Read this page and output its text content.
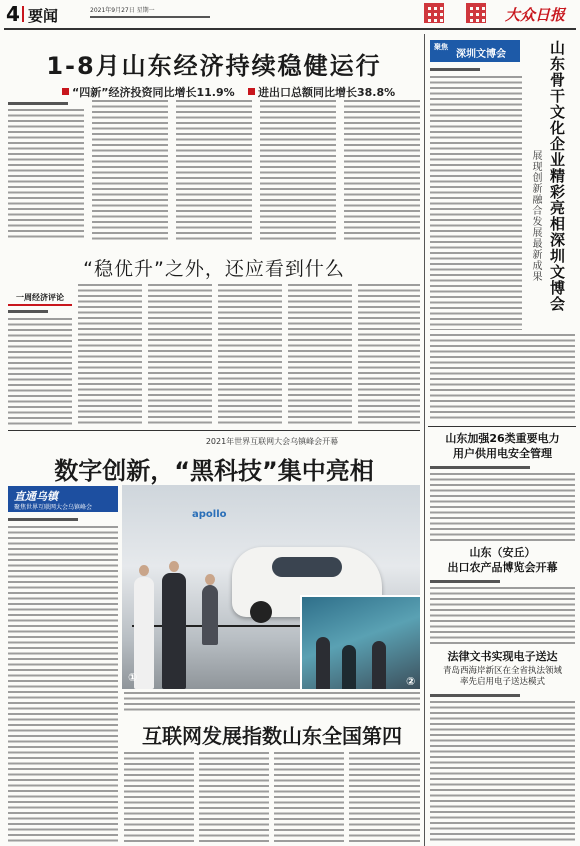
4 要闻	2021年9月27日 星期一	大众日报
1-8月山东经济持续稳健运行
“四新”经济投资同比增长11.9%	进出口总额同比增长38.8%
“稳优升”之外，还应看到什么
一周经济评论
2021年世界互联网大会乌镇峰会开幕
数字创新，“黑科技”集中亮相
直通乌镇
聚焦世界互联网大会乌镇峰会
apollo
①	②
互联网发展指数山东全国第四
聚焦
深圳文博会	山东骨干文化企业精彩亮相深圳文博会
展现创新融合发展最新成果
山东加强26类重要电力
用户供用电安全管理
山东（安丘）
出口农产品博览会开幕
法律文书实现电子送达
青岛西海岸新区在全省执法领域
率先启用电子送达模式
